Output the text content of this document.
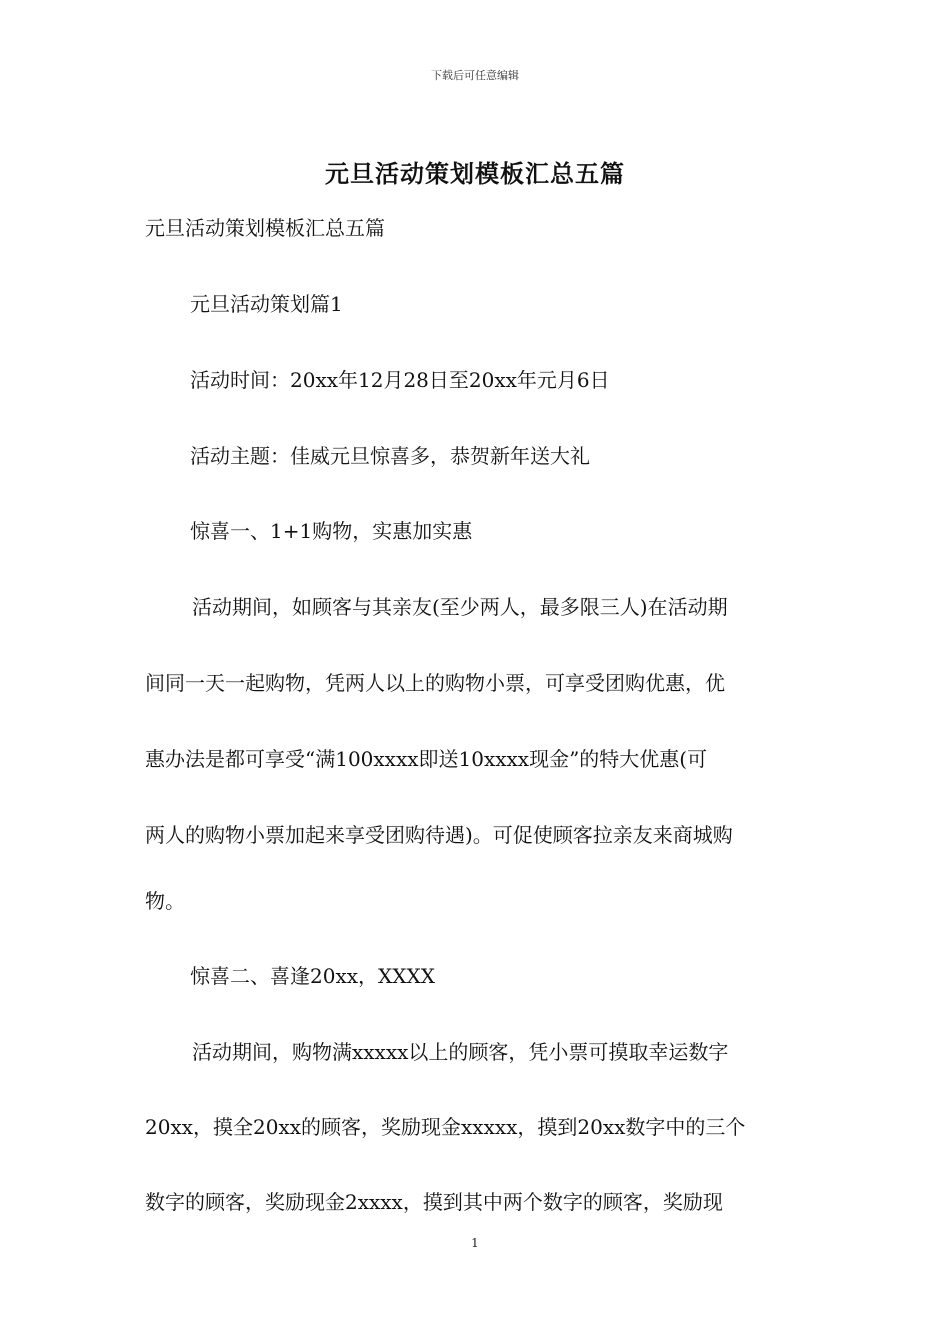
下载后可任意编辑
元旦活动策划模板汇总五篇
元旦活动策划模板汇总五篇
元旦活动策划篇1
活动时间：20xx年12月28日至20xx年元月6日
活动主题：佳威元旦惊喜多，恭贺新年送大礼
惊喜一、1+1购物，实惠加实惠
活动期间，如顾客与其亲友(至少两人，最多限三人)在活动期
间同一天一起购物，凭两人以上的购物小票，可享受团购优惠，优
惠办法是都可享受“满100xxxx即送10xxxx现金”的特大优惠(可
两人的购物小票加起来享受团购待遇)。可促使顾客拉亲友来商城购
物。
惊喜二、喜逢20xx，XXXX
活动期间，购物满xxxxx以上的顾客，凭小票可摸取幸运数字
20xx，摸全20xx的顾客，奖励现金xxxxx，摸到20xx数字中的三个
数字的顾客，奖励现金2xxxx，摸到其中两个数字的顾客，奖励现
1
